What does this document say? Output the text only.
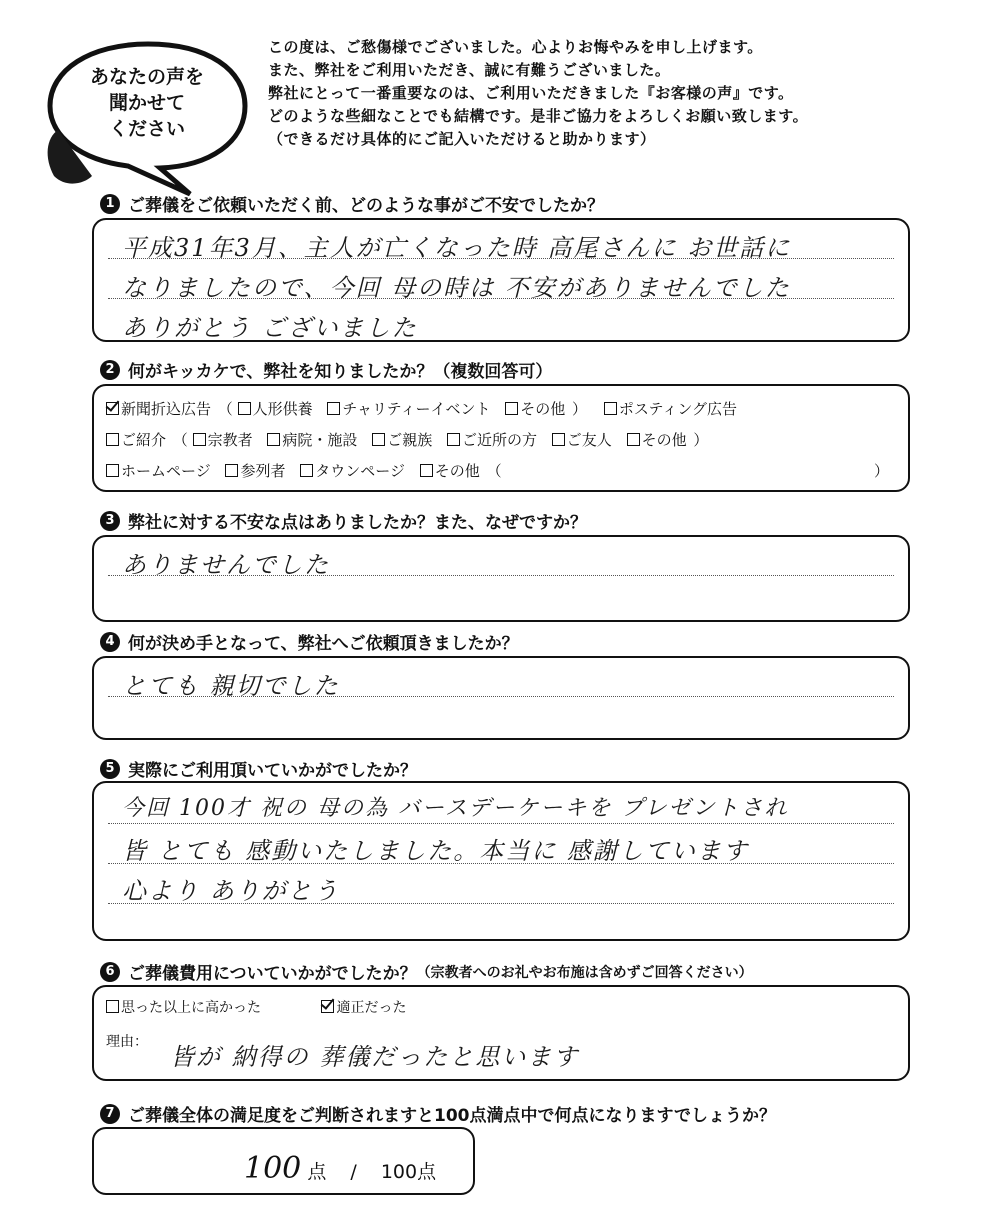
あなたの声を
聞かせて
ください
この度は、ご愁傷様でございました。心よりお悔やみを申し上げます。
また、弊社をご利用いただき、誠に有難うございました。
弊社にとって一番重要なのは、ご利用いただきました『お客様の声』です。
どのような些細なことでも結構です。是非ご協力をよろしくお願い致します。
（できるだけ具体的にご記入いただけると助かります）
1 ご葬儀をご依頼いただく前、どのような事がご不安でしたか？
平成31年3月、主人が亡くなった時 高尾さんに お世話に
なりましたので、今回 母の時は 不安がありませんでした
ありがとう ございました
2 何がキッカケで、弊社を知りましたか？（複数回答可）
新聞折込広告 （ 人形供養 チャリティーイベント その他 ） ポスティング広告
ご紹介 （ 宗教者 病院・施設 ご親族 ご近所の方 ご友人 その他 ）
ホームページ 参列者 タウンページ その他 （	）
3 弊社に対する不安な点はありましたか？また、なぜですか？
ありませんでした
4 何が決め手となって、弊社へご依頼頂きましたか？
とても 親切でした
5 実際にご利用頂いていかがでしたか？
今回 100才 祝の 母の為 バースデーケーキを プレゼントされ
皆 とても 感動いたしました。本当に 感謝しています
心より ありがとう
6 ご葬儀費用についていかがでしたか？ （宗教者へのお礼やお布施は含めずご回答ください）
思った以上に高かった	適正だった
理由：
皆が 納得の 葬儀だったと思います
7 ご葬儀全体の満足度をご判断されますと100点満点中で何点になりますでしょうか？
100 点 / 100点
